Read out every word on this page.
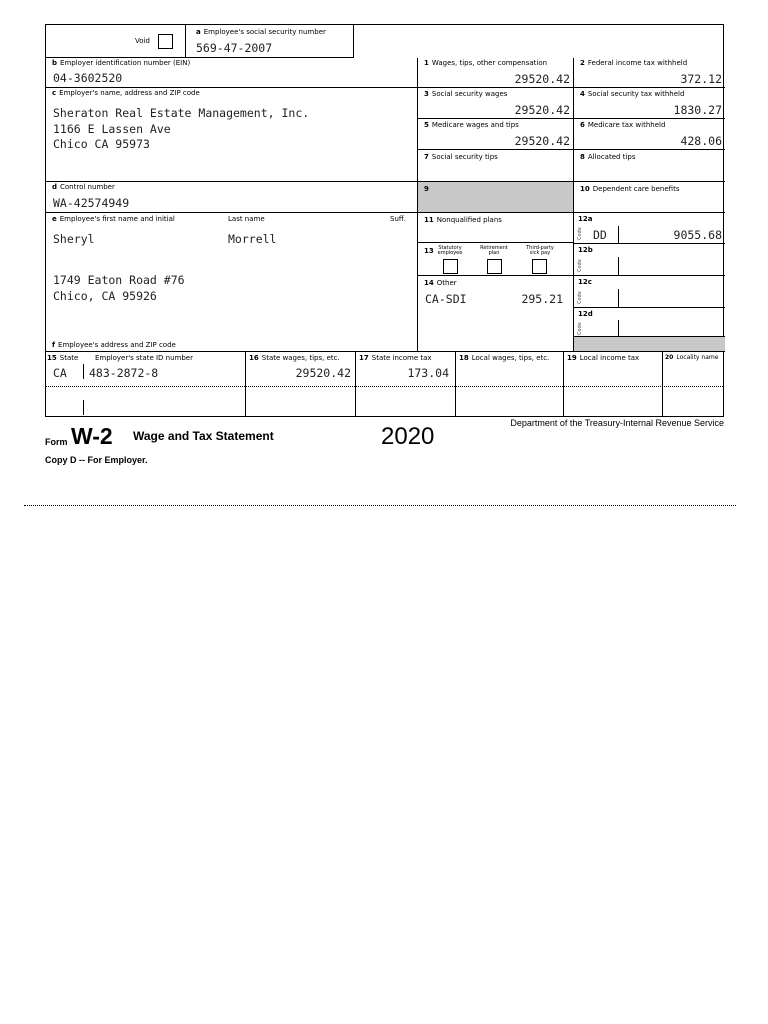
Void
a Employee's social security number
569-47-2007
b Employer identification number (EIN)
04-3602520
c Employer's name, address and ZIP code
Sheraton Real Estate Management, Inc.
1166 E Lassen Ave
Chico CA 95973
d Control number
WA-42574949
e Employee's first name and initial	Last name	Suff.
Sheryl	Morrell
1749 Eaton Road #76
Chico, CA 95926
f Employee's address and ZIP code
1 Wages, tips, other compensation
29520.42
3 Social security wages
29520.42
5 Medicare wages and tips
29520.42
7 Social security tips
9
11 Nonqualified plans
13 Statutory employee
Retirement plan
Third-party sick pay
14 Other
CA-SDI	295.21
2 Federal income tax withheld
372.12
4 Social security tax withheld
1830.27
6 Medicare tax withheld
428.06
8 Allocated tips
10 Dependent care benefits
12a
Code DD	9055.68
12b
Code
12c
Code
12d
Code
15 State Employer's state ID number
CA 483-2872-8
16 State wages, tips, etc.
29520.42
17 State income tax
173.04
18 Local wages, tips, etc.	19 Local income tax	20 Locality name
Form W-2 Wage and Tax Statement	2020	Department of the Treasury-Internal Revenue Service
Copy D -- For Employer.
